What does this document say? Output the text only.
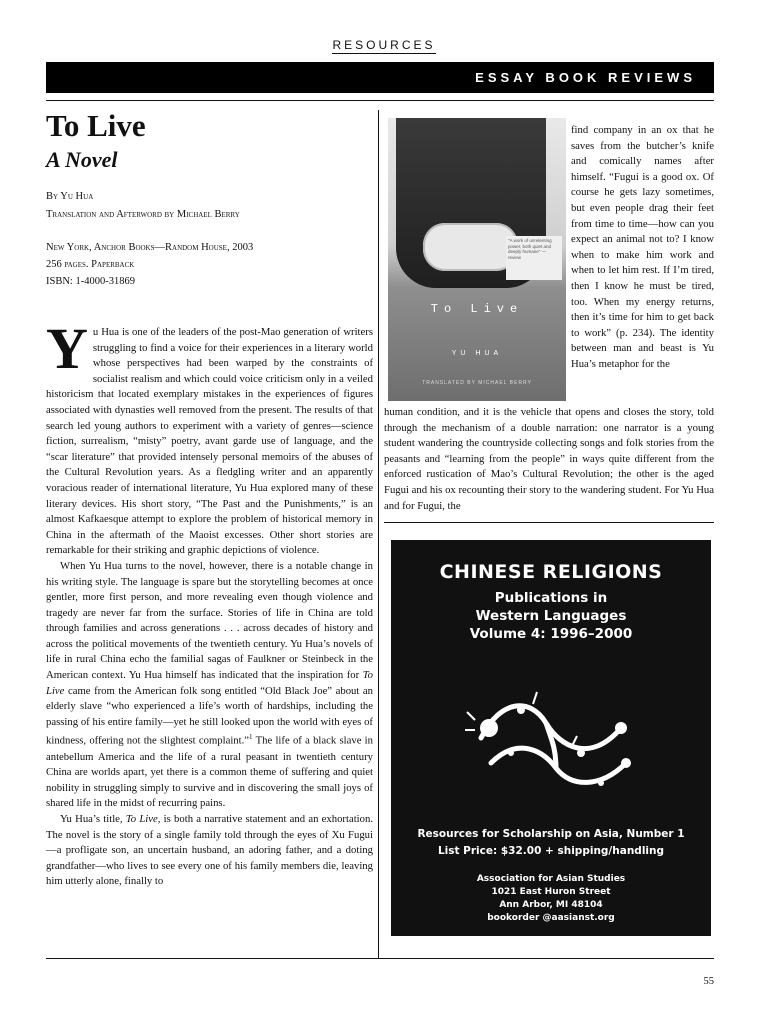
RESOURCES
ESSAY BOOK REVIEWS
To Live
A Novel
By Yu Hua
Translation and Afterword by Michael Berry
New York, Anchor Books—Random House, 2003
256 pages. Paperback
ISBN: 1-4000-31869

Yu Hua is one of the leaders of the post-Mao generation of writers struggling to find a voice for their experiences in a literary world whose perspectives had been warped by the constraints of socialist realism and which could voice criticism only in a veiled historicism that located exemplary mistakes in the experiences of figures associated with dynasties well removed from the present. The results of that search led young authors to experiment with a variety of genres—science fiction, surrealism, “misty” poetry, avant garde use of language, and the “scar literature” that provided intensely personal memoirs of the abuses of the Cultural Revolution years. As a fledgling writer and an apparently voracious reader of international literature, Yu Hua explored many of these literary devices. His short story, “The Past and the Punishments,” is an almost Kafkaesque attempt to explore the problem of historical memory in China in the aftermath of the Maoist excesses. Other short stories are remarkable for their striking and graphic depictions of violence.

When Yu Hua turns to the novel, however, there is a notable change in his writing style. The language is spare but the storytelling becomes at once gentler, more first person, and more revealing even though violence and tragedy are never far from the surface. Stories of life in China are told through families and across generations . . . across decades of history and across the political movements of the twentieth century. Yu Hua’s novels of life in rural China echo the familial sagas of Faulkner or Steinbeck in the American context. Yu Hua himself has indicated that the inspiration for To Live came from the American folk song entitled “Old Black Joe” about an elderly slave “who experienced a life’s worth of hardships, including the passing of his entire family—yet he still looked upon the world with eyes of kindness, offering not the slightest complaint.”$^1$ The life of a black slave in antebellum America and the life of a rural peasant in twentieth century China are worlds apart, yet there is a common theme of suffering and quiet nobility in struggling simply to survive and in discovering the small joys of shared life in the midst of recurring pains.

Yu Hua’s title, To Live, is both a narrative statement and an exhortation. The novel is the story of a single family told through the eyes of Xu Fugui—a profligate son, an uncertain husband, an adoring father, and a doting grandfather—who lives to see every one of his family members die, leaving him utterly alone, finally to

"A work of unrelenting power, both quiet and deeply humane" — review
To Live
YU HUA
TRANSLATED BY MICHAEL BERRY

find company in an ox that he saves from the butcher’s knife and comically names after himself. “Fugui is a good ox. Of course he gets lazy sometimes, but even people drag their feet from time to time—how can you expect an animal not to? I know when to make him work and when to let him rest. If I’m tired, then I know he must be tired, too. When my energy returns, then it’s time for him to get back to work” (p. 234). The identity between man and beast is Yu Hua’s metaphor for the

human condition, and it is the vehicle that opens and closes the story, told through the mechanism of a double narration: one narrator is a young student wandering the countryside collecting songs and folk stories from the peasants and “learning from the people” in ways quite different from the enforced rustication of Mao’s Cultural Revolution; the other is the aged Fugui and his ox recounting their story to the wandering student. For Yu Hua and for Fugui, the

CHINESE RELIGIONS
Publications in
Western Languages
Volume 4: 1996–2000
Resources for Scholarship on Asia, Number 1
List Price: $32.00 + shipping/handling
Association for Asian Studies
1021 East Huron Street
Ann Arbor, MI 48104
bookorder @aasianst.org
55
